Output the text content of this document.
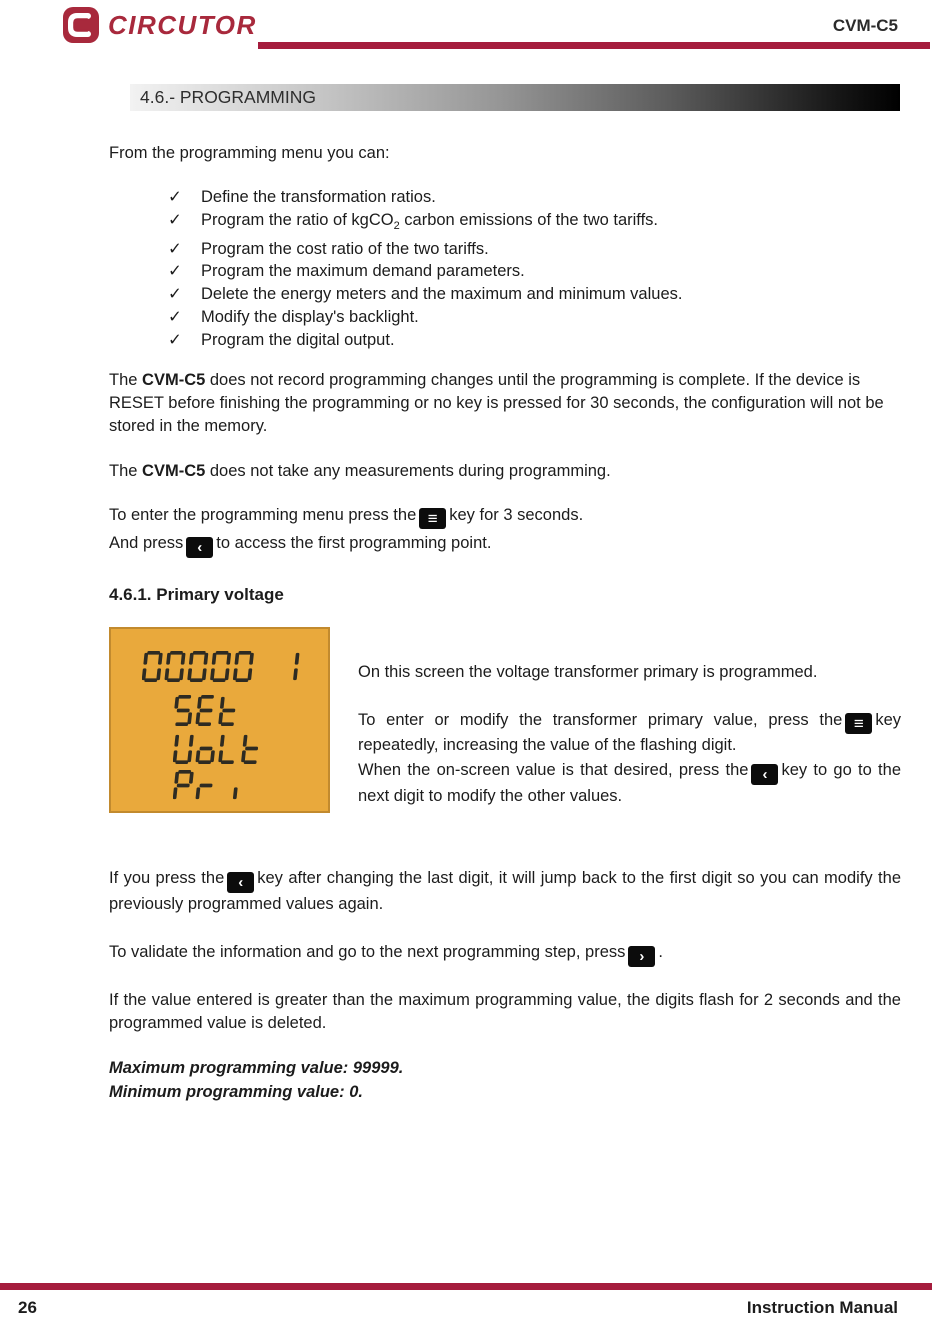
CIRCUTOR	CVM-C5
4.6.- PROGRAMMING

From the programming menu you can:

✓	Define the transformation ratios.
✓	Program the ratio of kgCO$_2$ carbon emissions of the two tariffs.
✓	Program the cost ratio of the two tariffs.
✓	Program the maximum demand parameters.
✓	Delete the energy meters and the maximum and minimum values.
✓	Modify the display's backlight.
✓	Program the digital output.

The CVM-C5 does not record programming changes until the programming is complete. If the device is RESET before finishing the programming or no key is pressed for 30 seconds, the configuration will not be stored in the memory.

The CVM-C5 does not take any measurements during programming.

To enter the programming menu press the ≡ key for 3 seconds.

And press ‹ to access the first programming point.

4.6.1. Primary voltage

On this screen the voltage transformer primary is programmed.

To enter or modify the transformer primary value, press the ≡ key repeatedly, increasing the value of the flashing digit.

When the on-screen value is that desired, press the ‹ key to go to the next digit to modify the other values.

If you press the ‹ key after changing the last digit, it will jump back to the first digit so you can modify the previously programmed values again.

To validate the information and go to the next programming step, press › .

If the value entered is greater than the maximum programming value, the digits flash for 2 seconds and the programmed value is deleted.

Maximum programming value: 99999.

Minimum programming value: 0.

26	Instruction Manual
